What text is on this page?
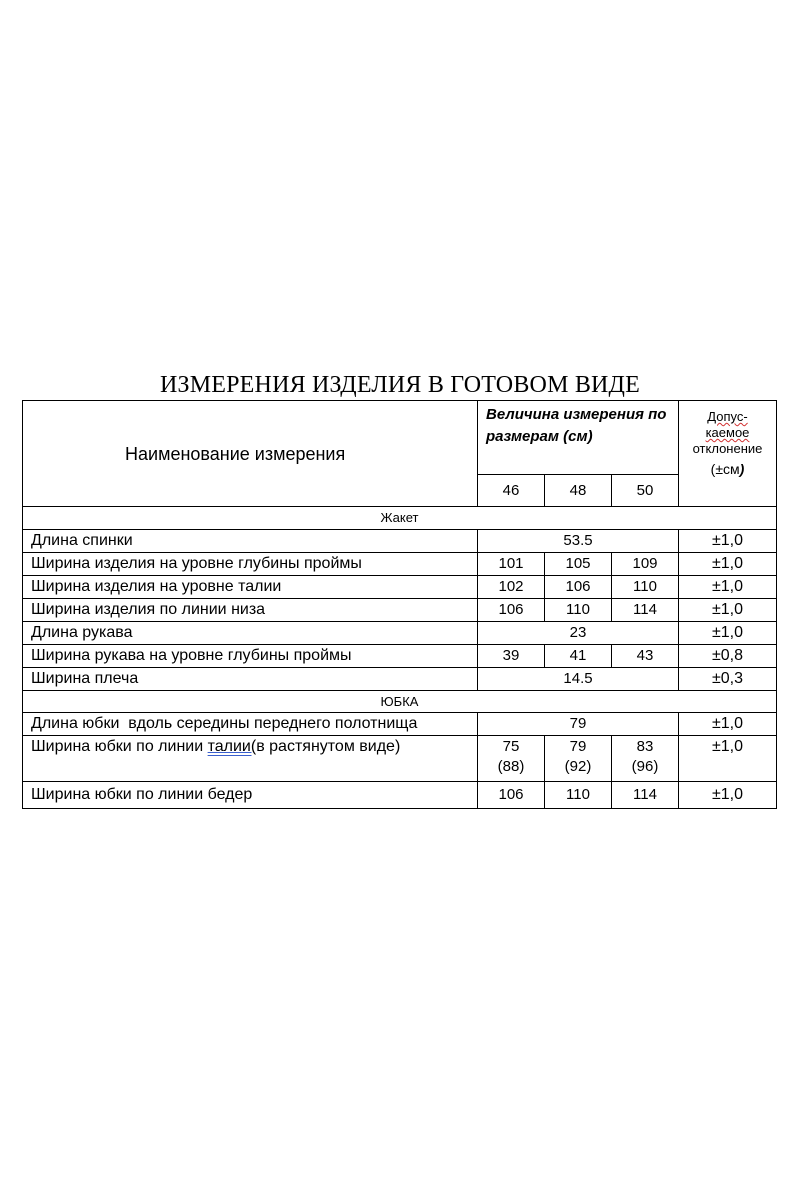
ИЗМЕРЕНИЯ ИЗДЕЛИЯ В ГОТОВОМ ВИДЕ
Наименование измерения	Величина измерения по размерам (см)			Допус-
каемое
отклонение
(±см)

	46	48	50	
Жакет				
Длина спинки	53.5			±1,0
Ширина изделия на уровне глубины проймы	101	105	109	±1,0
Ширина изделия на уровне талии	102	106	110	±1,0
Ширина изделия по линии низа	106	110	114	±1,0
Длина рукава	23			±1,0
Ширина рукава на уровне глубины проймы	39	41	43	±0,8
Ширина плеча	14.5			±0,3
ЮБКА				
Длина юбки  вдоль середины переднего полотнища	79			±1,0
Ширина юбки по линии талии(в растянутом виде)	75
(88)	79
(92)	83
(96)	±1,0
Ширина юбки по линии бедер	106	110	114	±1,0
